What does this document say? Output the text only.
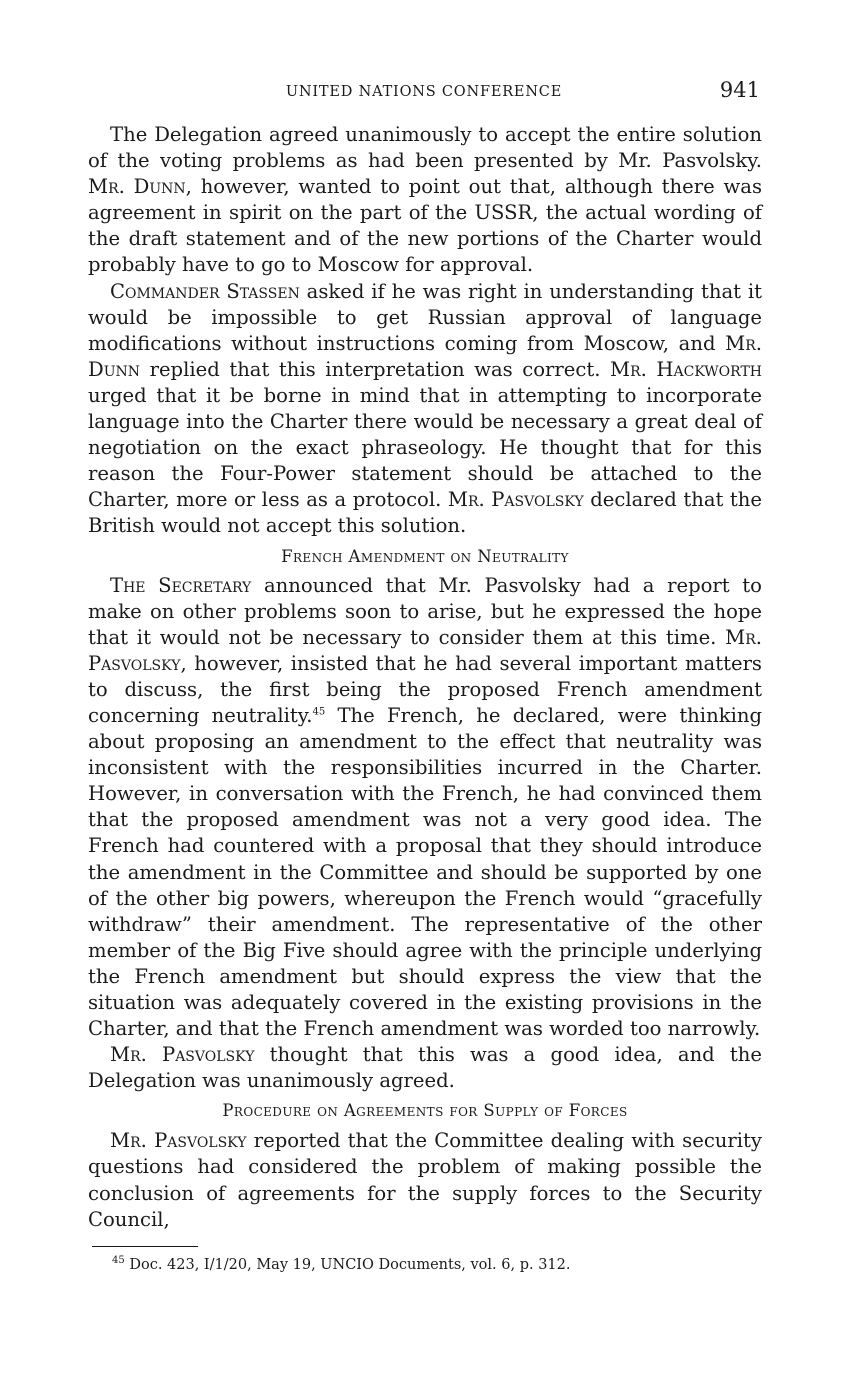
UNITED NATIONS CONFERENCE	941

The Delegation agreed unanimously to accept the entire solution of the voting problems as had been presented by Mr. Pasvolsky. Mr. Dunn, however, wanted to point out that, although there was agreement in spirit on the part of the USSR, the actual wording of the draft statement and of the new portions of the Charter would probably have to go to Moscow for approval.

Commander Stassen asked if he was right in understanding that it would be impossible to get Russian approval of language modifications without instructions coming from Moscow, and Mr. Dunn replied that this interpretation was correct. Mr. Hackworth urged that it be borne in mind that in attempting to incorporate language into the Charter there would be necessary a great deal of negotiation on the exact phraseology. He thought that for this reason the Four-Power statement should be attached to the Charter, more or less as a protocol. Mr. Pasvolsky declared that the British would not accept this solution.

French Amendment on Neutrality

The Secretary announced that Mr. Pasvolsky had a report to make on other problems soon to arise, but he expressed the hope that it would not be necessary to consider them at this time. Mr. Pasvolsky, however, insisted that he had several important matters to discuss, the first being the proposed French amendment concerning neutrality.$^{45}$ The French, he declared, were thinking about proposing an amendment to the effect that neutrality was inconsistent with the responsibilities incurred in the Charter. However, in conversation with the French, he had convinced them that the proposed amendment was not a very good idea. The French had countered with a proposal that they should introduce the amendment in the Committee and should be supported by one of the other big powers, whereupon the French would “gracefully withdraw” their amendment. The representative of the other member of the Big Five should agree with the principle underlying the French amendment but should express the view that the situation was adequately covered in the existing provisions in the Charter, and that the French amendment was worded too narrowly.

Mr. Pasvolsky thought that this was a good idea, and the Delegation was unanimously agreed.

Procedure on Agreements for Supply of Forces

Mr. Pasvolsky reported that the Committee dealing with security questions had considered the problem of making possible the conclusion of agreements for the supply forces to the Security Council,

$^{45}$ Doc. 423, I/1/20, May 19, UNCIO Documents, vol. 6, p. 312.
